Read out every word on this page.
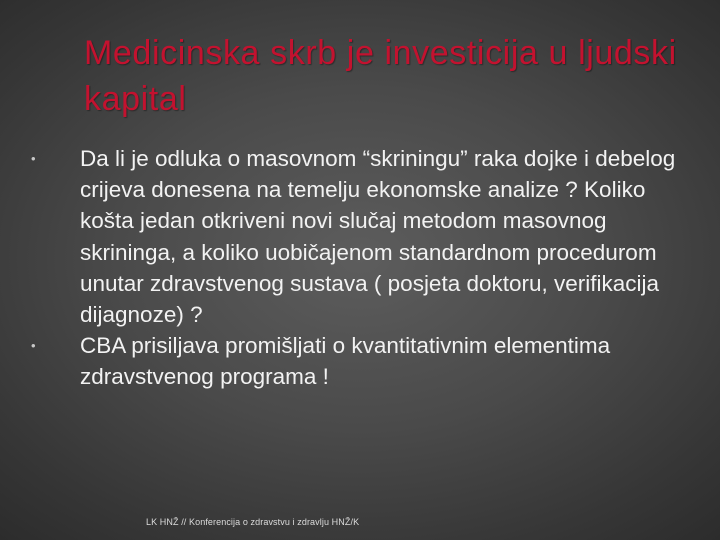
Medicinska skrb je investicija u ljudski kapital
• Da li je odluka o masovnom “skriningu” raka dojke i debelog crijeva donesena na temelju ekonomske analize ? Koliko košta jedan otkriveni novi slučaj metodom masovnog skrininga, a koliko uobičajenom standardnom procedurom unutar zdravstvenog sustava ( posjeta doktoru, verifikacija dijagnoze) ?
• CBA prisiljava promišljati o kvantitativnim elementima zdravstvenog programa !
LK HNŽ // Konferencija o zdravstvu i zdravlju HNŽ/K
